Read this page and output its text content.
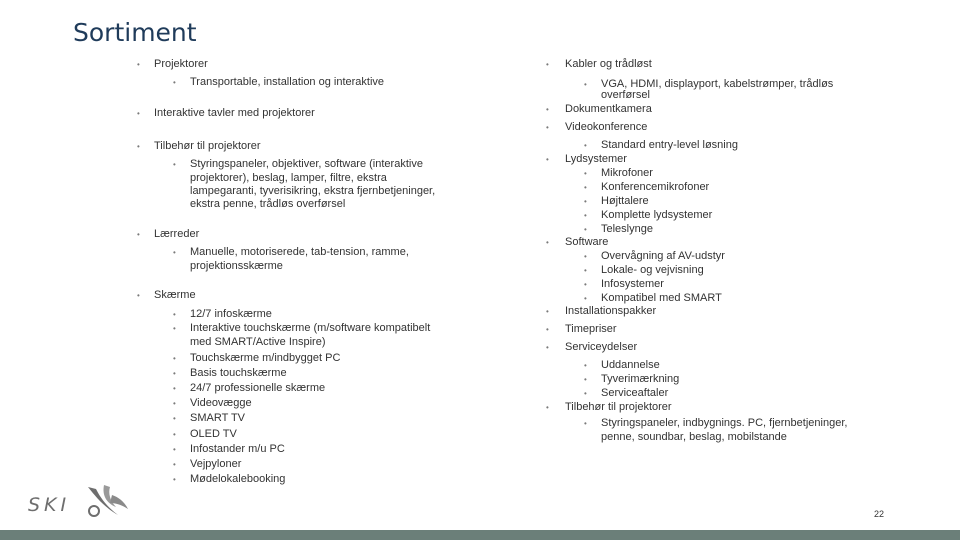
Sortiment
• Projektorer
• Transportable, installation og interaktive
• Interaktive tavler med projektorer
• Tilbehør til projektorer
• Styringspaneler, objektiver, software (interaktive
projektorer), beslag, lamper, filtre, ekstra
lampegaranti, tyverisikring, ekstra fjernbetjeninger,
ekstra penne, trådløs overførsel
• Lærreder
• Manuelle, motoriserede, tab-tension, ramme,
projektionsskærme
• Skærme
• 12/7 infoskærme
• Interaktive touchskærme (m/software kompatibelt
med SMART/Active Inspire)
• Touchskærme m/indbygget PC
• Basis touchskærme
• 24/7 professionelle skærme
• Videovægge
• SMART TV
• OLED TV
• Infostander m/u PC
• Vejpyloner
• Mødelokalebooking
• Kabler og trådløst
• VGA, HDMI, displayport, kabelstrømper, trådløs
overførsel
• Dokumentkamera
• Videokonference
• Standard entry-level løsning
• Lydsystemer
• Mikrofoner
• Konferencemikrofoner
• Højttalere
• Komplette lydsystemer
• Teleslynge
• Software
• Overvågning af AV-udstyr
• Lokale- og vejvisning
• Infosystemer
• Kompatibel med SMART
• Installationspakker
• Timepriser
• Serviceydelser
• Uddannelse
• Tyverimærkning
• Serviceaftaler
• Tilbehør til projektorer
• Styringspaneler, indbygnings. PC, fjernbetjeninger,
penne, soundbar, beslag, mobilstande
SKI	22
